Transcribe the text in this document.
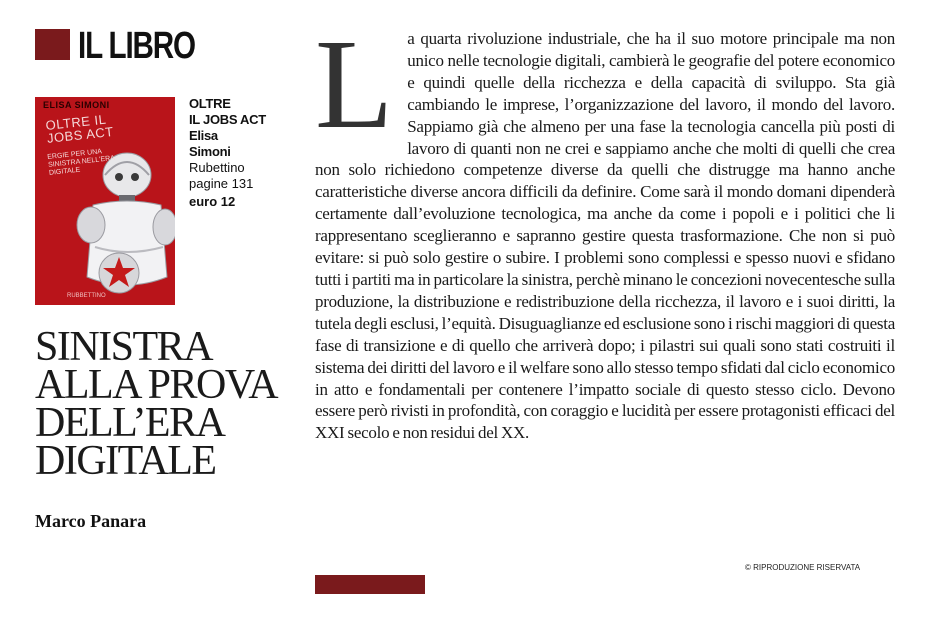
IL LIBRO
ELISA SIMONI
OLTRE IL JOBS ACT
ERGIE PER UNA SINISTRA NELL'ERA DIGITALE
RUBBETTINO
OLTRE
IL JOBS ACT
Elisa
Simoni
Rubettino
pagine 131
euro 12
SINISTRA
ALLA PROVA
DELL’ERA
DIGITALE
Marco Panara
L a quarta rivoluzione industriale, che ha il suo motore principale ma non unico nelle tecnologie digitali, cambierà le geografie del potere economico e quindi quelle della ricchezza e della capacità di sviluppo. Sta già cambiando le imprese, l’organizzazione del lavoro, il mondo del lavoro. Sappiamo già che almeno per una fase la tecnologia cancella più posti di lavoro di quanti non ne crei e sappiamo anche che molti di quelli che crea non solo richiedono competenze diverse da quelli che distrugge ma hanno anche caratteristiche diverse ancora difficili da definire. Come sarà il mondo domani dipenderà certamente dall’evoluzione tecnologica, ma anche da come i popoli e i politici che li rappresentano sceglieranno e sapranno gestire questa trasformazione. Che non si può evitare: si può solo gestire o subire. I problemi sono complessi e spesso nuovi e sfidano tutti i partiti ma in particolare la sinistra, perchè minano le concezioni novecentesche sulla produzione, la distribuzione e redistribuzione della ricchezza, il lavoro e i suoi diritti, la tutela degli esclusi, l’equità. Disuguaglianze ed esclusione sono i rischi maggiori di questa fase di transizione e di quello che arriverà dopo; i pilastri sui quali sono stati costruiti il sistema dei diritti del lavoro e il welfare sono allo stesso tempo sfidati dal ciclo economico in atto e fondamentali per contenere l’impatto sociale di questo stesso ciclo. Devono essere però rivisti in profondità, con coraggio e lucidità per essere protagonisti efficaci del XXI secolo e non residui del XX.
© RIPRODUZIONE RISERVATA
